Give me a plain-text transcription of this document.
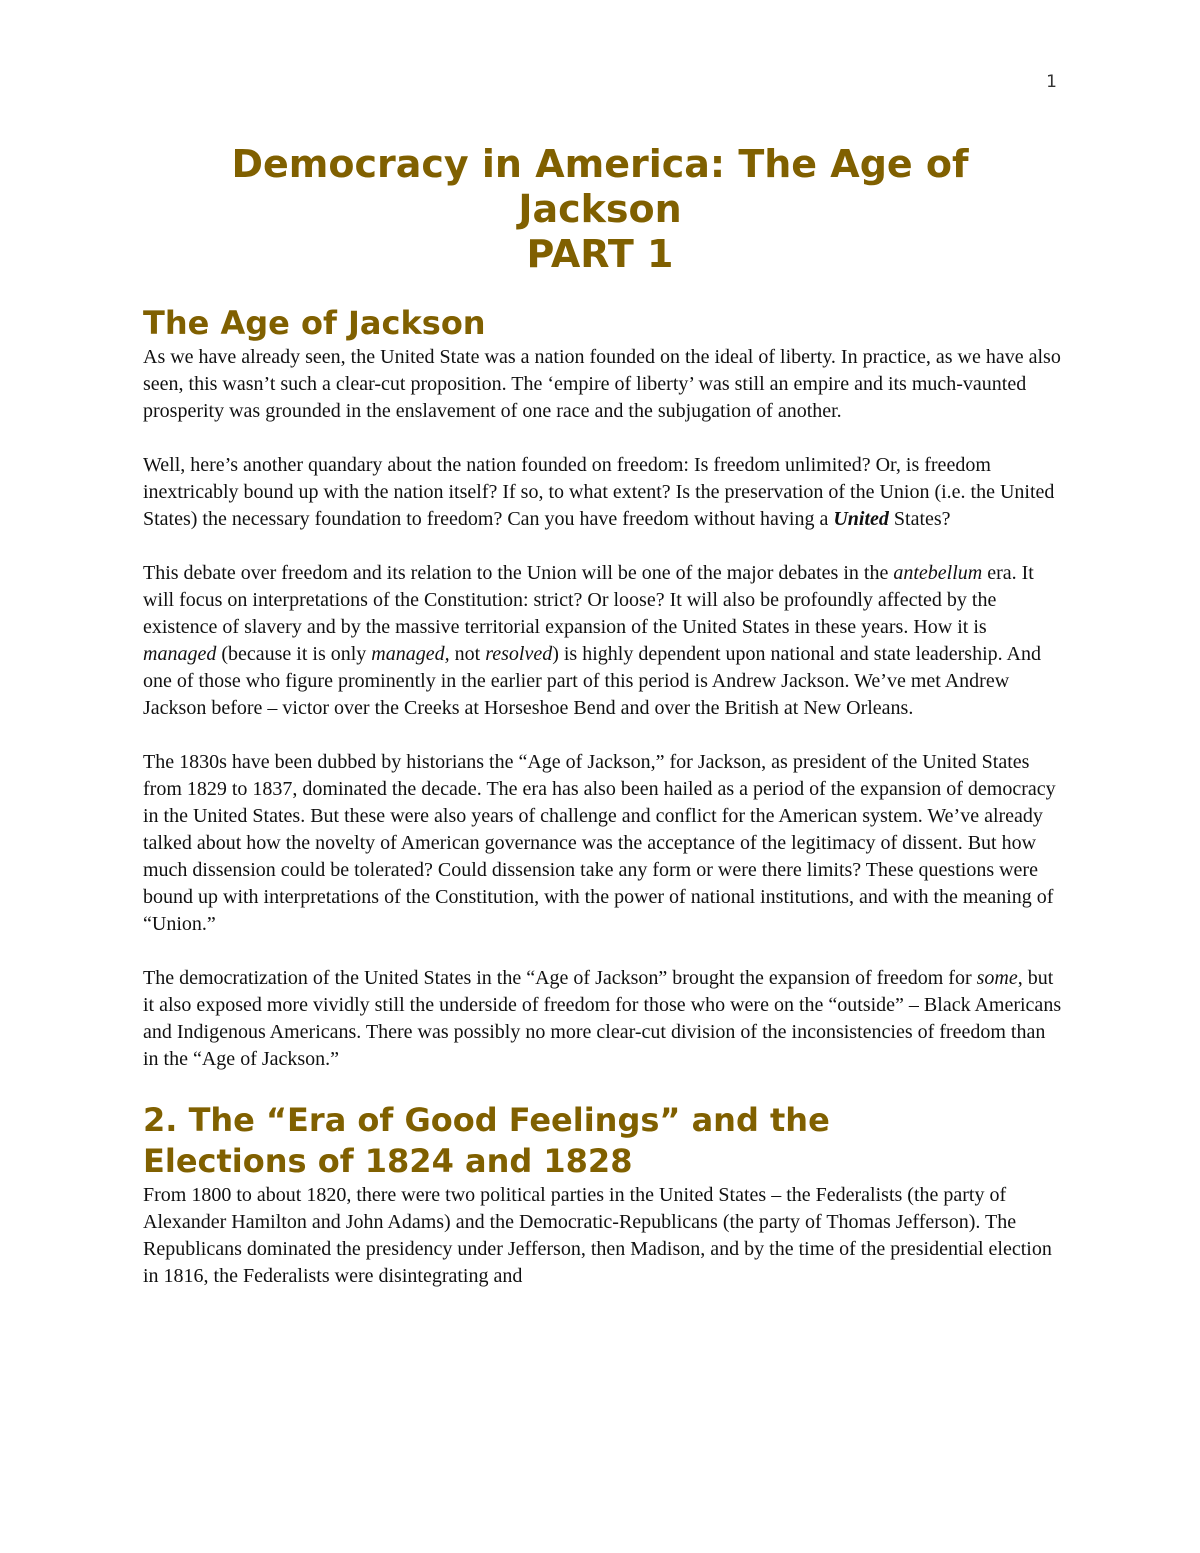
1
Democracy in America: The Age of
Jackson
PART 1
The Age of Jackson

As we have already seen, the United State was a nation founded on the ideal of liberty. In practice, as we have also seen, this wasn’t such a clear-cut proposition. The ‘empire of liberty’ was still an empire and its much-vaunted prosperity was grounded in the enslavement of one race and the subjugation of another.

Well, here’s another quandary about the nation founded on freedom: Is freedom unlimited? Or, is freedom inextricably bound up with the nation itself? If so, to what extent? Is the preservation of the Union (i.e. the United States) the necessary foundation to freedom? Can you have freedom without having a United States?

This debate over freedom and its relation to the Union will be one of the major debates in the antebellum era. It will focus on interpretations of the Constitution: strict? Or loose? It will also be profoundly affected by the existence of slavery and by the massive territorial expansion of the United States in these years. How it is managed (because it is only managed, not resolved) is highly dependent upon national and state leadership. And one of those who figure prominently in the earlier part of this period is Andrew Jackson. We’ve met Andrew Jackson before – victor over the Creeks at Horseshoe Bend and over the British at New Orleans.

The 1830s have been dubbed by historians the “Age of Jackson,” for Jackson, as president of the United States from 1829 to 1837, dominated the decade. The era has also been hailed as a period of the expansion of democracy in the United States. But these were also years of challenge and conflict for the American system. We’ve already talked about how the novelty of American governance was the acceptance of the legitimacy of dissent. But how much dissension could be tolerated? Could dissension take any form or were there limits? These questions were bound up with interpretations of the Constitution, with the power of national institutions, and with the meaning of “Union.”

The democratization of the United States in the “Age of Jackson” brought the expansion of freedom for some, but it also exposed more vividly still the underside of freedom for those who were on the “outside” – Black Americans and Indigenous Americans. There was possibly no more clear-cut division of the inconsistencies of freedom than in the “Age of Jackson.”

2. The “Era of Good Feelings” and the
Elections of 1824 and 1828

From 1800 to about 1820, there were two political parties in the United States – the Federalists (the party of Alexander Hamilton and John Adams) and the Democratic-Republicans (the party of Thomas Jefferson). The Republicans dominated the presidency under Jefferson, then Madison, and by the time of the presidential election in 1816, the Federalists were disintegrating and
